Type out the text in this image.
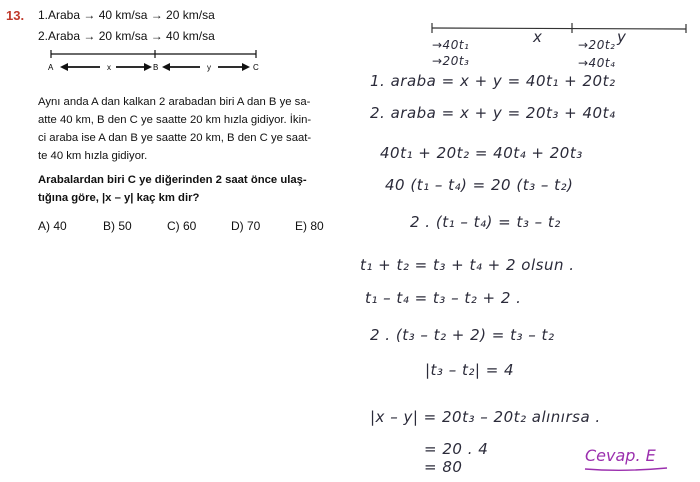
13. 1.Araba → 40 km/sa → 20 km/sa
2.Araba → 20 km/sa → 40 km/sa
A	x	B	y	C
Aynı anda A dan kalkan 2 arabadan biri A dan B ye sa-
atte 40 km, B den C ye saatte 20 km hızla gidiyor. İkin-
ci araba ise A dan B ye saatte 20 km, B den C ye saat-
te 40 km hızla gidiyor.
Arabalardan biri C ye diğerinden 2 saat önce ulaş-
tığına göre, |x – y| kaç km dir?
A) 40	B) 50	C) 60	D) 70	E) 80
x	y
→40t₁
→20t₃
→20t₂
→40t₄
1. araba = x + y = 40t₁ + 20t₂
2. araba = x + y = 20t₃ + 40t₄
40t₁ + 20t₂ = 40t₄ + 20t₃
40 (t₁ – t₄) = 20 (t₃ – t₂)
2 . (t₁ – t₄) = t₃ – t₂
t₁ + t₂ = t₃ + t₄ + 2 olsun .
t₁ – t₄ = t₃ – t₂ + 2 .
2 . (t₃ – t₂ + 2) = t₃ – t₂
|t₃ – t₂| = 4
|x – y| = 20t₃ – 20t₂ alınırsa .
= 20 . 4
= 80
Cevap. E
